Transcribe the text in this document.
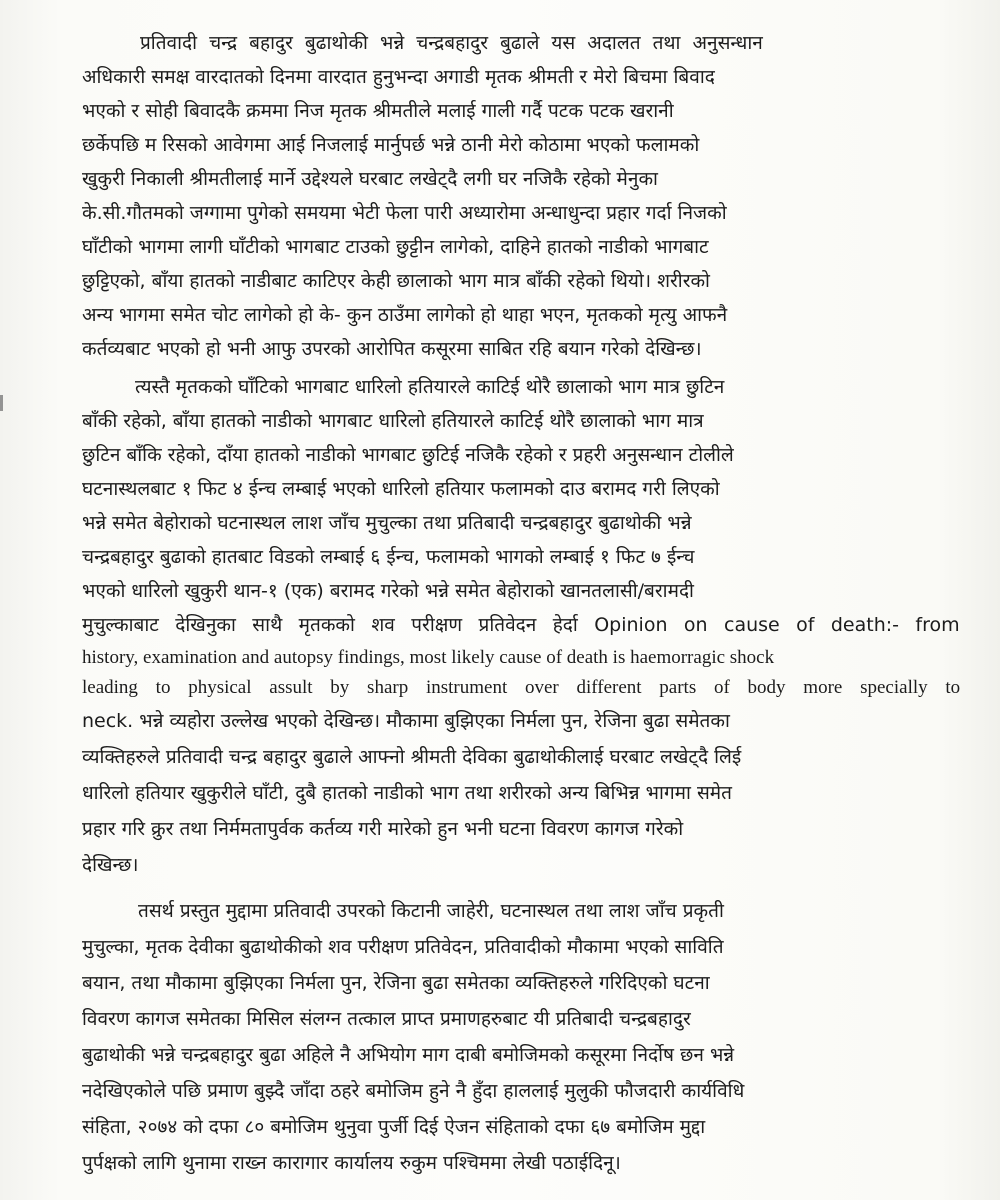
प्रतिवादी चन्द्र बहादुर बुढाथोकी भन्ने चन्द्रबहादुर बुढाले यस अदालत तथा अनुसन्धान
अधिकारी समक्ष वारदातको दिनमा वारदात हुनुभन्दा अगाडी मृतक श्रीमती र मेरो बिचमा बिवाद
भएको र सोही बिवादकै क्रममा निज मृतक श्रीमतीले मलाई गाली गर्दै पटक पटक खरानी
छर्केपछि म रिसको आवेगमा आई निजलाई मार्नुपर्छ भन्ने ठानी मेरो कोठामा भएको फलामको
खुकुरी निकाली श्रीमतीलाई मार्ने उद्देश्यले घरबाट लखेट्दै लगी घर नजिकै रहेको मेनुका
के.सी.गौतमको जग्गामा पुगेको समयमा भेटी फेला पारी अध्यारोमा अन्धाधुन्दा प्रहार गर्दा निजको
घाँटीको भागमा लागी घाँटीको भागबाट टाउको छुट्टीन लागेको, दाहिने हातको नाडीको भागबाट
छुट्टिएको, बाँया हातको नाडीबाट काटिएर केही छालाको भाग मात्र बाँकी रहेको थियो। शरीरको
अन्य भागमा समेत चोट लागेको हो के- कुन ठाउँमा लागेको हो थाहा भएन, मृतकको मृत्यु आफनै
कर्तव्यबाट भएको हो भनी आफु उपरको आरोपित कसूरमा साबित रहि बयान गरेको देखिन्छ।
त्यस्तै मृतकको घाँटिको भागबाट धारिलो हतियारले काटिई थोरै छालाको भाग मात्र छुटिन
बाँकी रहेको, बाँया हातको नाडीको भागबाट धारिलो हतियारले काटिई थोरै छालाको भाग मात्र
छुटिन बाँकि रहेको, दाँया हातको नाडीको भागबाट छुटिई नजिकै रहेको र प्रहरी अनुसन्धान टोलीले
घटनास्थलबाट १ फिट ४ ईन्च लम्बाई भएको धारिलो हतियार फलामको दाउ बरामद गरी लिएको
भन्ने समेत बेहोराको घटनास्थल लाश जाँच मुचुल्का तथा प्रतिबादी चन्द्रबहादुर बुढाथोकी भन्ने
चन्द्रबहादुर बुढाको हातबाट विडको लम्बाई ६ ईन्च, फलामको भागको लम्बाई १ फिट ७ ईन्च
भएको धारिलो खुकुरी थान-१ (एक) बरामद गरेको भन्ने समेत बेहोराको खानतलासी/बरामदी
मुचुल्काबाट देखिनुका साथै मृतकको शव परीक्षण प्रतिवेदन हेर्दा Opinion on cause of death:- from
history, examination and autopsy findings, most likely cause of death is haemorragic shock
leading to physical assult by sharp instrument over different parts of body more specially to
neck. भन्ने व्यहोरा उल्लेख भएको देखिन्छ। मौकामा बुझिएका निर्मला पुन, रेजिना बुढा समेतका
व्यक्तिहरुले प्रतिवादी चन्द्र बहादुर बुढाले आफ्नो श्रीमती देविका बुढाथोकीलाई घरबाट लखेट्दै लिई
धारिलो हतियार खुकुरीले घाँटी, दुबै हातको नाडीको भाग तथा शरीरको अन्य बिभिन्न भागमा समेत
प्रहार गरि क्रुर तथा निर्ममतापुर्वक कर्तव्य गरी मारेको हुन भनी घटना विवरण कागज गरेको
देखिन्छ।
तसर्थ प्रस्तुत मुद्दामा प्रतिवादी उपरको किटानी जाहेरी, घटनास्थल तथा लाश जाँच प्रकृती
मुचुल्का, मृतक देवीका बुढाथोकीको शव परीक्षण प्रतिवेदन, प्रतिवादीको मौकामा भएको साविति
बयान, तथा मौकामा बुझिएका निर्मला पुन, रेजिना बुढा समेतका व्यक्तिहरुले गरिदिएको घटना
विवरण कागज समेतका मिसिल संलग्न तत्काल प्राप्त प्रमाणहरुबाट यी प्रतिबादी चन्द्रबहादुर
बुढाथोकी भन्ने चन्द्रबहादुर बुढा अहिले नै अभियोग माग दाबी बमोजिमको कसूरमा निर्दोष छन भन्ने
नदेखिएकोले पछि प्रमाण बुझ्दै जाँदा ठहरे बमोजिम हुने नै हुँदा हाललाई मुलुकी फौजदारी कार्यविधि
संहिता, २०७४ को दफा ८० बमोजिम थुनुवा पुर्जी दिई ऐजन संहिताको दफा ६७ बमोजिम मुद्दा
पुर्पक्षको लागि थुनामा राख्न कारागार कार्यालय रुकुम पश्चिममा लेखी पठाईदिनू।
